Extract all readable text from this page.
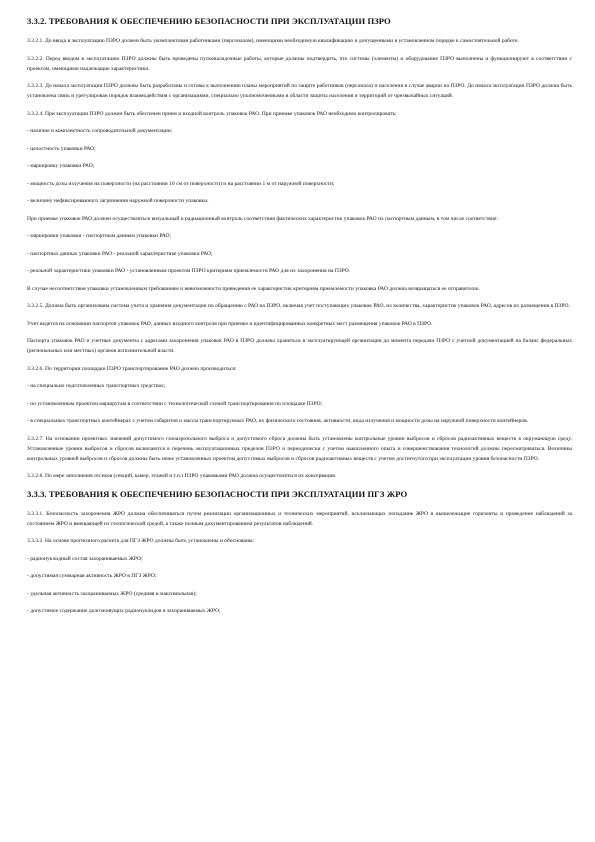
3.3.2. ТРЕБОВАНИЯ К ОБЕСПЕЧЕНИЮ БЕЗОПАСНОСТИ ПРИ ЭКСПЛУАТАЦИИ ПЗРО
3.3.2.1. До ввода в эксплуатацию ПЗРО должен быть укомплектован работниками (персоналом), имеющими необходимую квалификацию и допущенными в установленном порядке к самостоятельной работе.
3.3.2.2. Перед вводом в эксплуатацию ПЗРО должны быть проведены пусконаладочные работы, которые должны подтвердить, что системы (элементы) и оборудование ПЗРО выполнены и функционируют в соответствии с проектом, имеющими надлежащие характеристики.
3.3.2.3. До начала эксплуатации ПЗРО должны быть разработаны и готовы к выполнению планы мероприятий по защите работников (персонала) и населения в случае аварии на ПЗРО. До начала эксплуатации ПЗРО должна быть установлена связь и урегулирован порядок взаимодействия с организациями, специально уполномоченными в области защиты населения и территорий от чрезвычайных ситуаций.
3.3.2.4. При эксплуатации ПЗРО должен быть обеспечен прием и входной контроль упаковок РАО. При приемке упаковок РАО необходимо контролировать:
- наличие и комплектность сопроводительной документации;
- целостность упаковки РАО;
- маркировку упаковки РАО;
- мощность дозы излучения на поверхности (на расстоянии 10 см от поверхности) и на расстоянии 1 м от наружной поверхности;
- величину нефиксированного загрязнения наружной поверхности упаковки.
При приемке упаковок РАО должен осуществляться визуальный и радиационный контроль соответствия фактических характеристик упаковок РАО их паспортным данным, в том числе соответствие:
- маркировки упаковки - паспортным данным упаковки РАО;
- паспортных данных упаковки РАО - реальной характеристике упаковки РАО;
- реальной характеристики упаковки РАО - установленным проектом ПЗРО критериям приемлемости РАО для их захоронения на ПЗРО.
В случае несоответствия упаковки установленным требованиям и невозможности приведения ее характеристик критериям приемлемости упаковка РАО должна возвращаться ее отправителю.
3.3.2.5. Должна быть организована система учета и хранения документации по обращению с РАО на ПЗРО, включая учет поступающих упаковок РАО, их количества, характеристик упаковок РАО, адресов их размещения в ПЗРО.
Учет ведется на основании паспортов упаковок РАО, данных входного контроля при приемке и идентифицированных конкретных мест размещения упаковок РАО в ПЗРО.
Паспорта упаковок РАО и учетные документы с адресами захоронения упаковок РАО в ПЗРО должны храниться в эксплуатирующей организации до момента передачи ПЗРО с учетной документацией на баланс федеральных (региональных или местных) органов исполнительной власти.
3.3.2.6. По территории площадки ПЗРО транспортирование РАО должно производиться:
- на специально подготовленных транспортных средствах;
- по установленным проектом маршрутам в соответствии с технологической схемой транспортирования по площадке ПЗРО;
- в специальных транспортных контейнерах с учетом габаритов и массы транспортируемых РАО, их физического состояния, активности, вида излучения и мощности дозы на наружной поверхности контейнеров.
3.3.2.7. На основании проектных значений допустимого газоаэрозольного выброса и допустимого сброса должны быть установлены контрольные уровни выбросов и сбросов радиоактивных веществ в окружающую среду. Установленные уровни выбросов и сбросов включаются в перечень эксплуатационных пределов ПЗРО и периодически с учетом накопленного опыта и совершенствования технологий должны пересматриваться. Величины контрольных уровней выбросов и сбросов должны быть ниже установленных проектом допустимых выбросов и сбросов радиоактивных веществ с учетом достигнутого при эксплуатации уровня безопасности ПЗРО.
3.3.2.8. По мере заполнения отсеков (секций, камер, этажей и т.п.) ПЗРО упаковками РАО должна осуществляться их консервация.
3.3.3. ТРЕБОВАНИЯ К ОБЕСПЕЧЕНИЮ БЕЗОПАСНОСТИ ПРИ ЭКСПЛУАТАЦИИ ПГЗ ЖРО
3.3.3.1. Безопасность захоронения ЖРО должна обеспечиваться путем реализации организационных и технических мероприятий, исключающих попадание ЖРО в вышележащие горизонты и проведение наблюдений за состоянием ЖРО и вмещающей их геологической средой, а также полным документированием результатов наблюдений.
3.3.3.2. На основе прогнозного расчета для ПГЗ ЖРО должны быть установлены и обоснованы:
- радионуклидный состав захораниваемых ЖРО;
- допустимая суммарная активность ЖРО в ПГЗ ЖРО;
- удельная активность захораниваемых ЖРО (средняя и максимальная);
- допустимое содержание долгоживущих радионуклидов в захораниваемых ЖРО;
